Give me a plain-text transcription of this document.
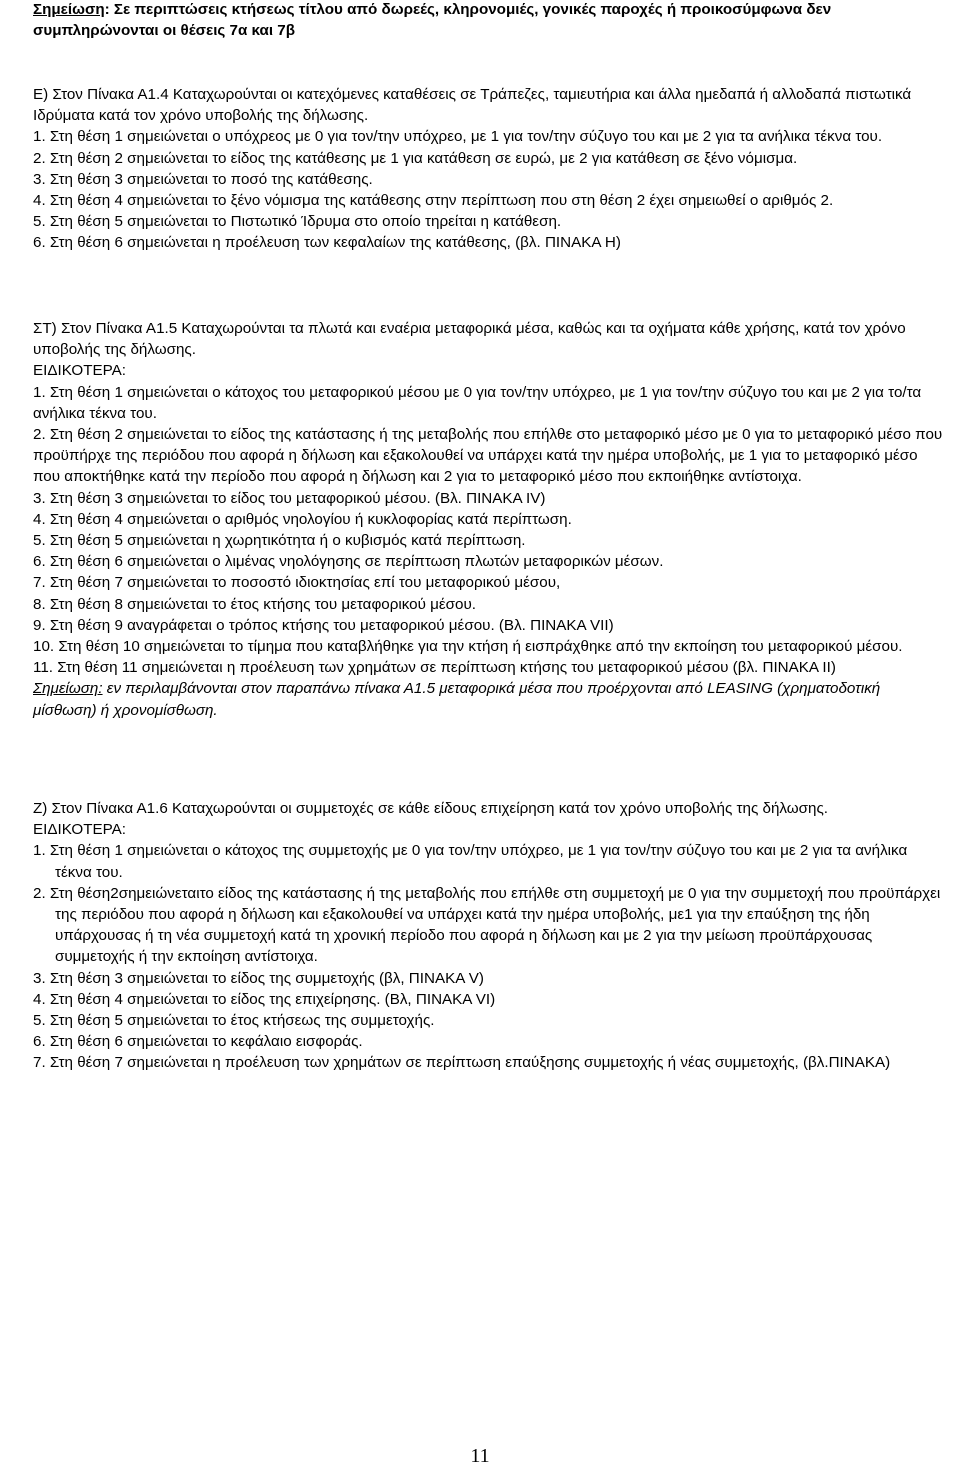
Σημείωση: Σε περιπτώσεις κτήσεως τίτλου από δωρεές, κληρονομιές, γονικές παροχές ή προικοσύμφωνα δεν συμπληρώνονται οι θέσεις 7α και 7β

Ε) Στον Πίνακα Α1.4 Καταχωρούνται οι κατεχόμενες καταθέσεις σε Τράπεζες, ταμιευτήρια και άλλα ημεδαπά ή αλλοδαπά πιστωτικά Ιδρύματα κατά τον χρόνο υποβολής της δήλωσης.

1. Στη θέση 1 σημειώνεται ο υπόχρεος με 0 για τον/την υπόχρεο, με 1 για τον/την σύζυγο του και με 2 για τα ανήλικα τέκνα του.

2. Στη θέση 2 σημειώνεται το είδος της κατάθεσης με 1 για κατάθεση σε ευρώ, με 2 για κατάθεση σε ξένο νόμισμα.

3. Στη θέση 3 σημειώνεται το ποσό της κατάθεσης.

4. Στη θέση 4 σημειώνεται το ξένο νόμισμα της κατάθεσης στην περίπτωση που στη θέση 2 έχει σημειωθεί ο αριθμός 2.

5. Στη θέση 5 σημειώνεται το Πιστωτικό Ίδρυμα στο οποίο τηρείται η κατάθεση.

6. Στη θέση 6 σημειώνεται η προέλευση των κεφαλαίων της κατάθεσης, (βλ. ΠΙΝΑΚΑ Η)

ΣΤ) Στον Πίνακα Α1.5 Καταχωρούνται τα πλωτά και εναέρια μεταφορικά μέσα, καθώς και τα οχήματα κάθε χρήσης, κατά τον χρόνο υποβολής της δήλωσης.

ΕΙΔΙΚΟΤΕΡΑ:

1. Στη θέση 1 σημειώνεται ο κάτοχος του μεταφορικού μέσου με 0 για τον/την υπόχρεο, με 1 για τον/την σύζυγο του και με 2 για το/τα ανήλικα τέκνα του.

2. Στη θέση 2 σημειώνεται το είδος της κατάστασης ή της μεταβολής που επήλθε στο μεταφορικό μέσο με 0 για το μεταφορικό μέσο που προϋπήρχε της περιόδου που αφορά η δήλωση και εξακολουθεί να υπάρχει κατά την ημέρα υποβολής, με 1 για το μεταφορικό μέσο που αποκτήθηκε κατά την περίοδο που αφορά η δήλωση και 2 για το μεταφορικό μέσο που εκποιήθηκε αντίστοιχα.

3. Στη θέση 3 σημειώνεται το είδος του μεταφορικού μέσου. (Βλ. ΠΙΝΑΚΑ IV)

4. Στη θέση 4 σημειώνεται ο αριθμός νηολογίου ή κυκλοφορίας κατά περίπτωση.

5. Στη θέση 5 σημειώνεται η χωρητικότητα ή ο κυβισμός κατά περίπτωση.

6. Στη θέση 6 σημειώνεται ο λιμένας νηολόγησης σε περίπτωση πλωτών μεταφορικών μέσων.

7. Στη θέση 7 σημειώνεται το ποσοστό ιδιοκτησίας επί του μεταφορικού μέσου,

8. Στη θέση 8 σημειώνεται το έτος κτήσης του μεταφορικού μέσου.

9. Στη θέση 9 αναγράφεται ο τρόπος κτήσης του μεταφορικού μέσου. (Βλ. ΠΙΝΑΚΑ VII)

10. Στη θέση 10 σημειώνεται το τίμημα που καταβλήθηκε για την κτήση ή εισπράχθηκε από την εκποίηση του μεταφορικού μέσου.

11. Στη θέση 11 σημειώνεται η προέλευση των χρημάτων σε περίπτωση κτήσης του μεταφορικού μέσου (βλ. ΠΙΝΑΚΑ ΙΙ)

Σημείωση: εν περιλαμβάνονται στον παραπάνω πίνακα Α1.5 μεταφορικά μέσα που προέρχονται από LEASING (χρηματοδοτική μίσθωση) ή χρονομίσθωση.

Ζ) Στον Πίνακα Α1.6 Καταχωρούνται οι συμμετοχές σε κάθε είδους επιχείρηση κατά τον χρόνο υποβολής της δήλωσης.

ΕΙΔΙΚΟΤΕΡΑ:

1. Στη θέση 1 σημειώνεται ο κάτοχος της συμμετοχής με 0 για τον/την υπόχρεο, με 1 για τον/την σύζυγο του και με 2 για τα ανήλικα τέκνα του.

2. Στη θέση2σημειώνεταιτο είδος της κατάστασης ή της μεταβολής που επήλθε στη συμμετοχή με 0 για την συμμετοχή που προϋπάρχει της περιόδου που αφορά η δήλωση και εξακολουθεί να υπάρχει κατά την ημέρα υποβολής, με1 για την επαύξηση της ήδη υπάρχουσας ή τη νέα συμμετοχή κατά τη χρονική περίοδο που αφορά η δήλωση και με 2 για την μείωση προϋπάρχουσας συμμετοχής ή την εκποίηση αντίστοιχα.

3. Στη θέση 3 σημειώνεται το είδος της συμμετοχής (βλ, ΠΙΝΑΚΑ V)

4. Στη θέση 4 σημειώνεται το είδος της επιχείρησης. (Βλ, ΠΙΝΑΚΑ VI)

5. Στη θέση 5 σημειώνεται το έτος κτήσεως της συμμετοχής.

6. Στη θέση 6 σημειώνεται το κεφάλαιο εισφοράς.

7. Στη θέση 7 σημειώνεται η προέλευση των χρημάτων σε περίπτωση επαύξησης συμμετοχής ή νέας συμμετοχής, (βλ.ΠΙΝΑΚΑ)

11
